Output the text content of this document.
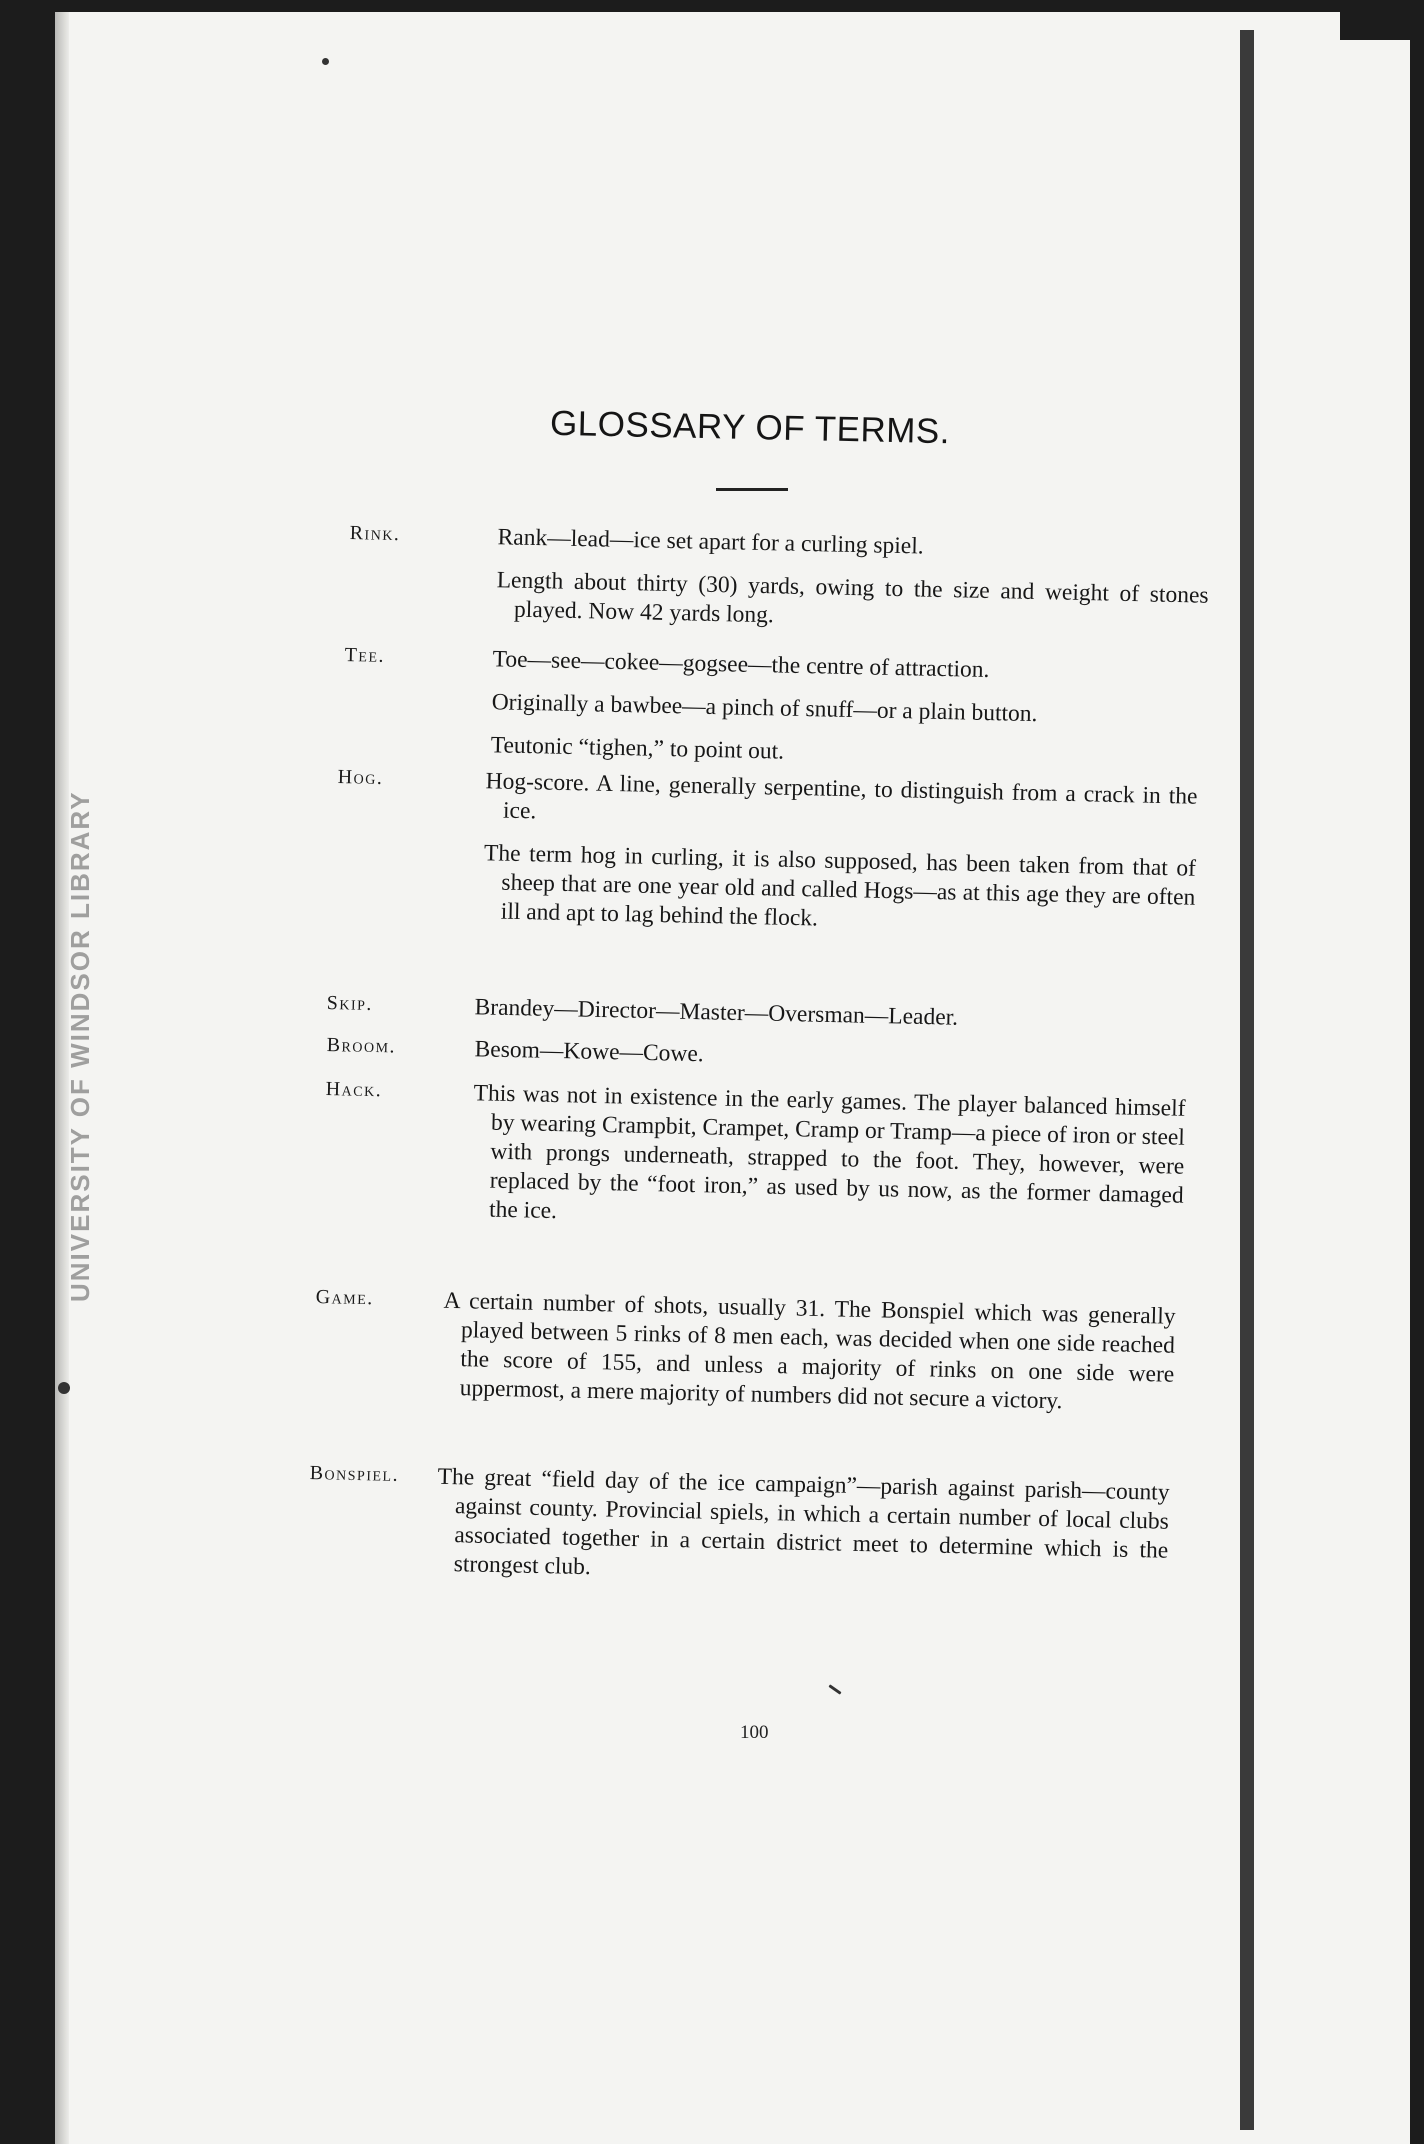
UNIVERSITY OF WINDSOR LIBRARY
GLOSSARY OF TERMS.
Rink.	Rank—lead—ice set apart for a curling spiel.

Length about thirty (30) yards, owing to the size and weight of stones played. Now 42 yards long.

Tee.	Toe—see—cokee—gogsee—the centre of attraction.

Originally a bawbee—a pinch of snuff—or a plain button.

Teutonic “tighen,” to point out.

Hog.	Hog-score. A line, generally serpentine, to distinguish from a crack in the ice.

The term hog in curling, it is also supposed, has been taken from that of sheep that are one year old and called Hogs—as at this age they are often ill and apt to lag behind the flock.

Skip.	Brandey—Director—Master—Oversman—Leader.

Broom.	Besom—Kowe—Cowe.

Hack.	This was not in existence in the early games. The player balanced himself by wearing Crampbit, Crampet, Cramp or Tramp—a piece of iron or steel with prongs underneath, strapped to the foot. They, however, were replaced by the “foot iron,” as used by us now, as the former damaged the ice.

Game.	A certain number of shots, usually 31. The Bonspiel which was generally played between 5 rinks of 8 men each, was decided when one side reached the score of 155, and unless a majority of rinks on one side were uppermost, a mere majority of numbers did not secure a victory.

Bonspiel.	The great “field day of the ice campaign”—parish against parish—county against county. Provincial spiels, in which a certain number of local clubs associated together in a certain district meet to determine which is the strongest club.

100
